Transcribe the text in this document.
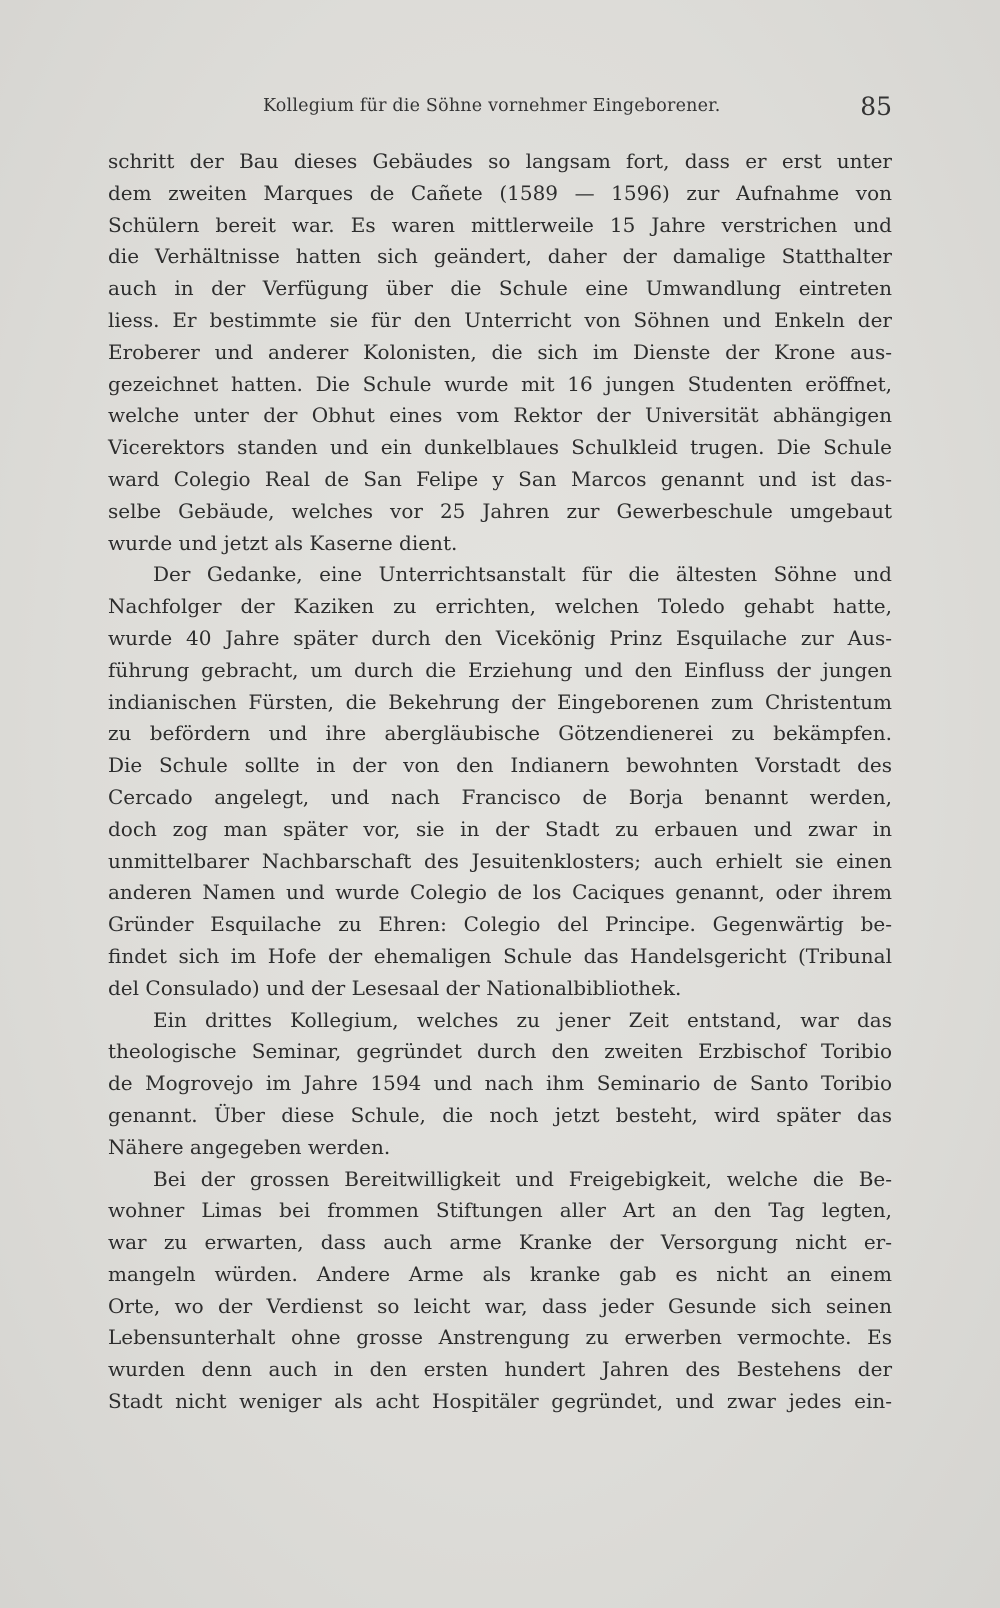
Kollegium für die Söhne vornehmer Eingeborener.	85
schritt der Bau dieses Gebäudes so langsam fort, dass er erst unter
dem zweiten Marques de Cañete (1589 — 1596) zur Aufnahme von
Schülern bereit war. Es waren mittlerweile 15 Jahre verstrichen und
die Verhältnisse hatten sich geändert, daher der damalige Statthalter
auch in der Verfügung über die Schule eine Umwandlung eintreten
liess. Er bestimmte sie für den Unterricht von Söhnen und Enkeln der
Eroberer und anderer Kolonisten, die sich im Dienste der Krone aus-
gezeichnet hatten. Die Schule wurde mit 16 jungen Studenten eröffnet,
welche unter der Obhut eines vom Rektor der Universität abhängigen
Vicerektors standen und ein dunkelblaues Schulkleid trugen. Die Schule
ward Colegio Real de San Felipe y San Marcos genannt und ist das-
selbe Gebäude, welches vor 25 Jahren zur Gewerbeschule umgebaut
wurde und jetzt als Kaserne dient.
Der Gedanke, eine Unterrichtsanstalt für die ältesten Söhne und
Nachfolger der Kaziken zu errichten, welchen Toledo gehabt hatte,
wurde 40 Jahre später durch den Vicekönig Prinz Esquilache zur Aus-
führung gebracht, um durch die Erziehung und den Einfluss der jungen
indianischen Fürsten, die Bekehrung der Eingeborenen zum Christentum
zu befördern und ihre abergläubische Götzendienerei zu bekämpfen.
Die Schule sollte in der von den Indianern bewohnten Vorstadt des
Cercado angelegt, und nach Francisco de Borja benannt werden,
doch zog man später vor, sie in der Stadt zu erbauen und zwar in
unmittelbarer Nachbarschaft des Jesuitenklosters; auch erhielt sie einen
anderen Namen und wurde Colegio de los Caciques genannt, oder ihrem
Gründer Esquilache zu Ehren: Colegio del Principe. Gegenwärtig be-
findet sich im Hofe der ehemaligen Schule das Handelsgericht (Tribunal
del Consulado) und der Lesesaal der Nationalbibliothek.
Ein drittes Kollegium, welches zu jener Zeit entstand, war das
theologische Seminar, gegründet durch den zweiten Erzbischof Toribio
de Mogrovejo im Jahre 1594 und nach ihm Seminario de Santo Toribio
genannt. Über diese Schule, die noch jetzt besteht, wird später das
Nähere angegeben werden.
Bei der grossen Bereitwilligkeit und Freigebigkeit, welche die Be-
wohner Limas bei frommen Stiftungen aller Art an den Tag legten,
war zu erwarten, dass auch arme Kranke der Versorgung nicht er-
mangeln würden. Andere Arme als kranke gab es nicht an einem
Orte, wo der Verdienst so leicht war, dass jeder Gesunde sich seinen
Lebensunterhalt ohne grosse Anstrengung zu erwerben vermochte. Es
wurden denn auch in den ersten hundert Jahren des Bestehens der
Stadt nicht weniger als acht Hospitäler gegründet, und zwar jedes ein-
